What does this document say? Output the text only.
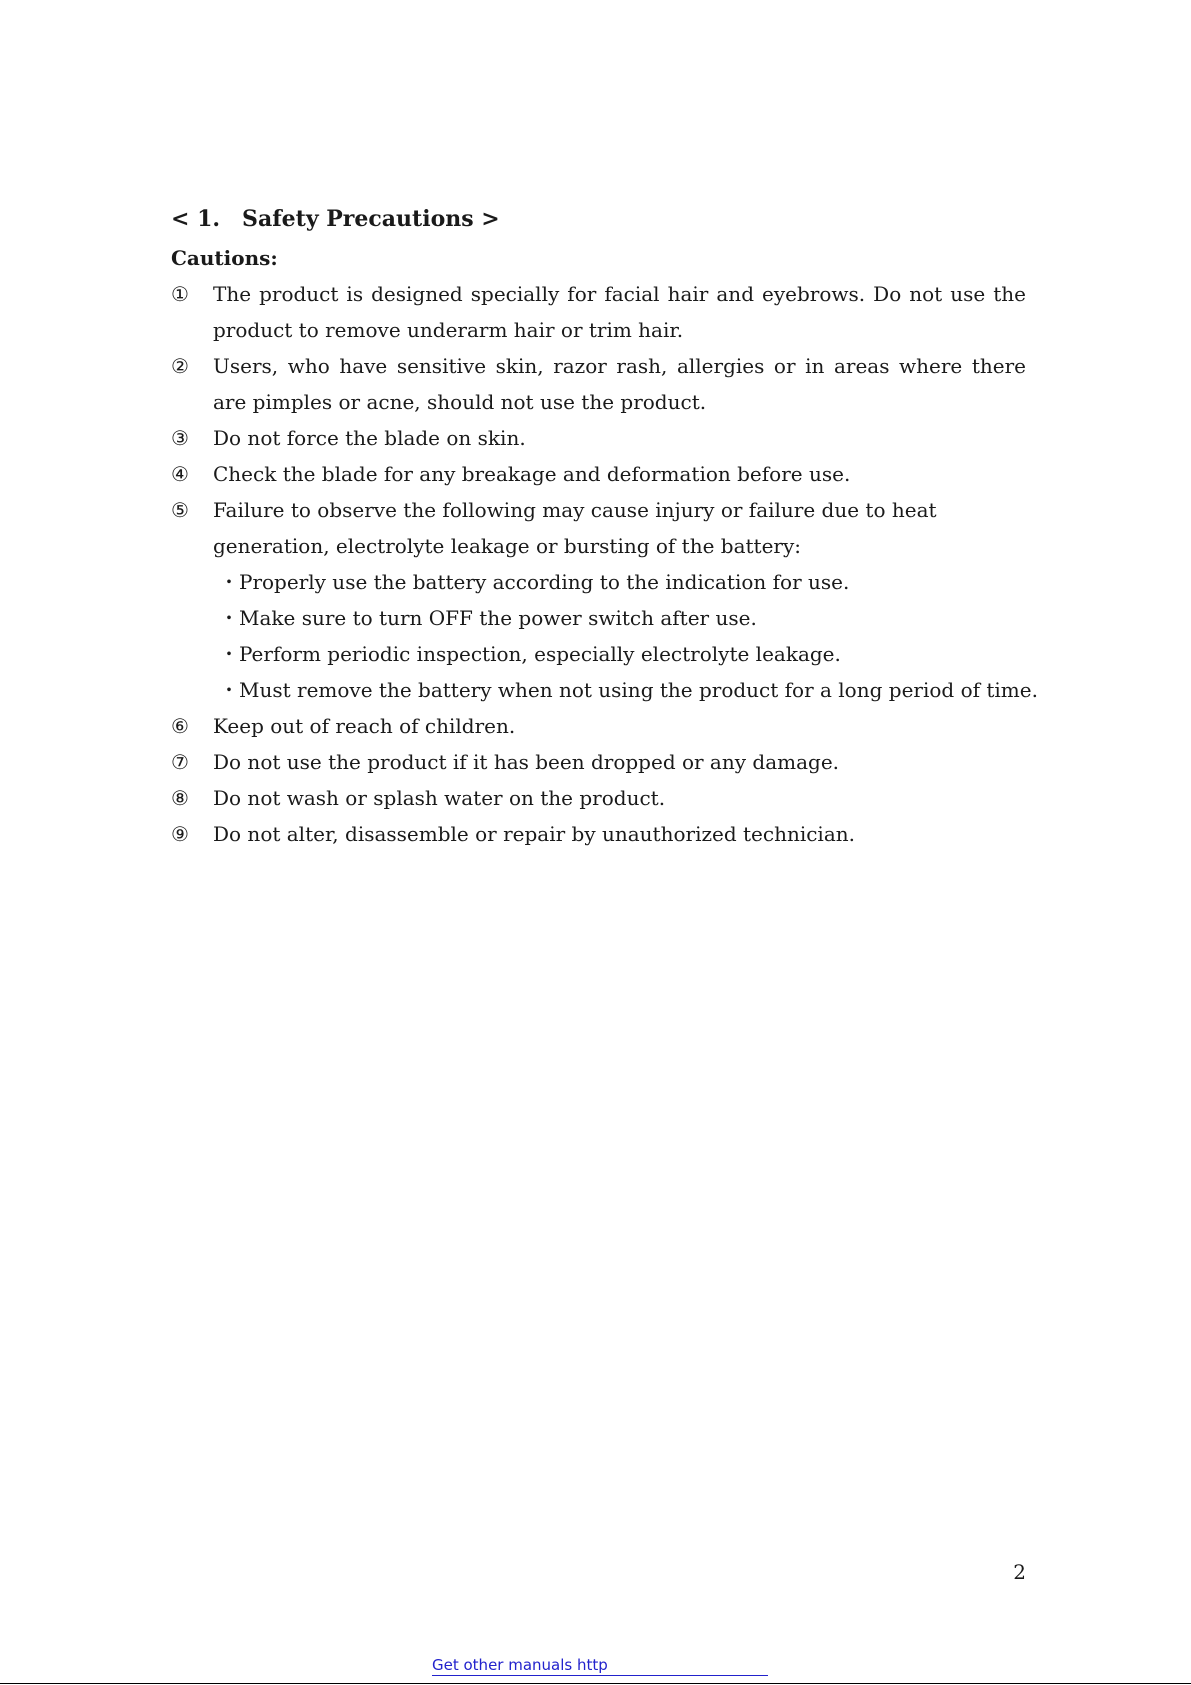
< 1. Safety Precautions >
Cautions:
①	The product is designed specially for facial hair and eyebrows. Do not use the product to remove underarm hair or trim hair.
②	Users, who have sensitive skin, razor rash, allergies or in areas where there are pimples or acne, should not use the product.
③	Do not force the blade on skin.
④	Check the blade for any breakage and deformation before use.
⑤	Failure to observe the following may cause injury or failure due to heat generation, electrolyte leakage or bursting of the battery:
・Properly use the battery according to the indication for use.
・Make sure to turn OFF the power switch after use.
・Perform periodic inspection, especially electrolyte leakage.
・Must remove the battery when not using the product for a long period of time.
⑥	Keep out of reach of children.
⑦	Do not use the product if it has been dropped or any damage.
⑧	Do not wash or splash water on the product.
⑨	Do not alter, disassemble or repair by unauthorized technician.
2
Get other manuals http
